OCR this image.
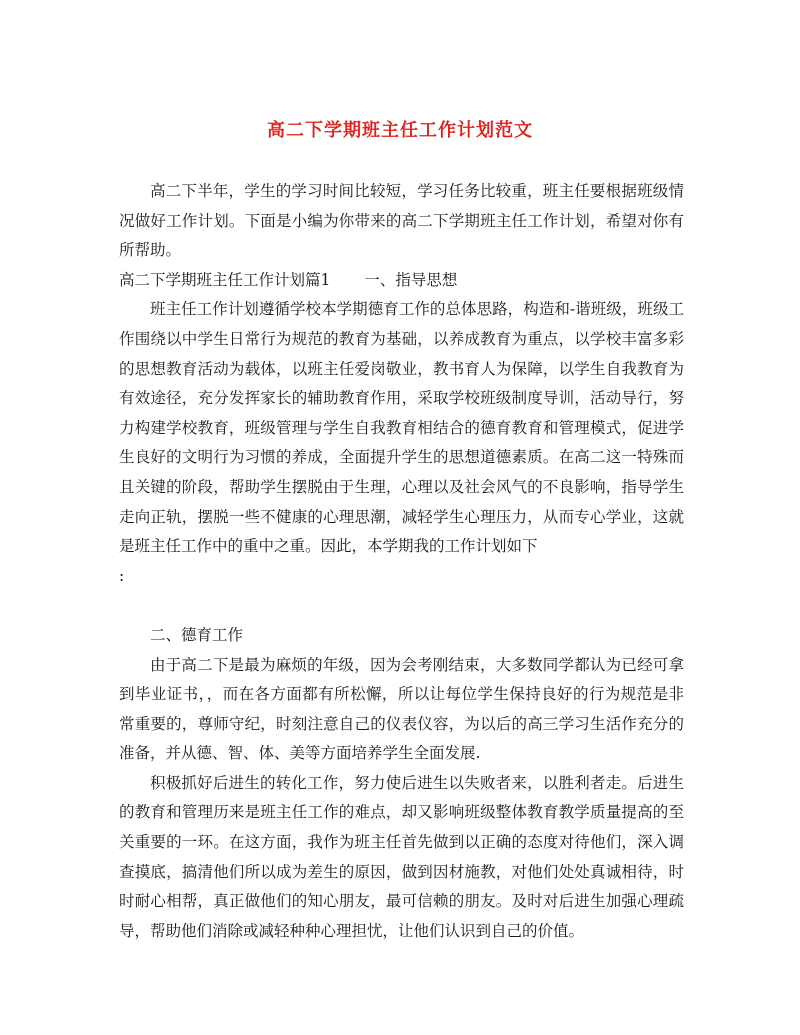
高二下学期班主任工作计划范文

高二下半年，学生的学习时间比较短，学习任务比较重，班主任要根据班级情况做好工作计划。下面是小编为你带来的高二下学期班主任工作计划，希望对你有所帮助。

高二下学期班主任工作计划篇1 一、指导思想

班主任工作计划遵循学校本学期德育工作的总体思路，构造和-谐班级，班级工作围绕以中学生日常行为规范的教育为基础，以养成教育为重点，以学校丰富多彩的思想教育活动为载体，以班主任爱岗敬业，教书育人为保障，以学生自我教育为有效途径，充分发挥家长的辅助教育作用，采取学校班级制度导训，活动导行，努力构建学校教育，班级管理与学生自我教育相结合的德育教育和管理模式，促进学生良好的文明行为习惯的养成，全面提升学生的思想道德素质。在高二这一特殊而且关键的阶段，帮助学生摆脱由于生理，心理以及社会风气的不良影响，指导学生走向正轨，摆脱一些不健康的心理思潮，减轻学生心理压力，从而专心学业，这就是班主任工作中的重中之重。因此，本学期我的工作计划如下

:

二、德育工作

由于高二下是最为麻烦的年级，因为会考刚结束，大多数同学都认为已经可拿到毕业证书，，而在各方面都有所松懈，所以让每位学生保持良好的行为规范是非常重要的，尊师守纪，时刻注意自己的仪表仪容，为以后的高三学习生活作充分的准备，并从德、智、体、美等方面培养学生全面发展.

积极抓好后进生的转化工作，努力使后进生以失败者来，以胜利者走。后进生的教育和管理历来是班主任工作的难点，却又影响班级整体教育教学质量提高的至关重要的一环。在这方面，我作为班主任首先做到以正确的态度对待他们，深入调查摸底，搞清他们所以成为差生的原因，做到因材施教，对他们处处真诚相待，时时耐心相帮，真正做他们的知心朋友，最可信赖的朋友。及时对后进生加强心理疏导，帮助他们消除或减轻种种心理担忧，让他们认识到自己的价值。
